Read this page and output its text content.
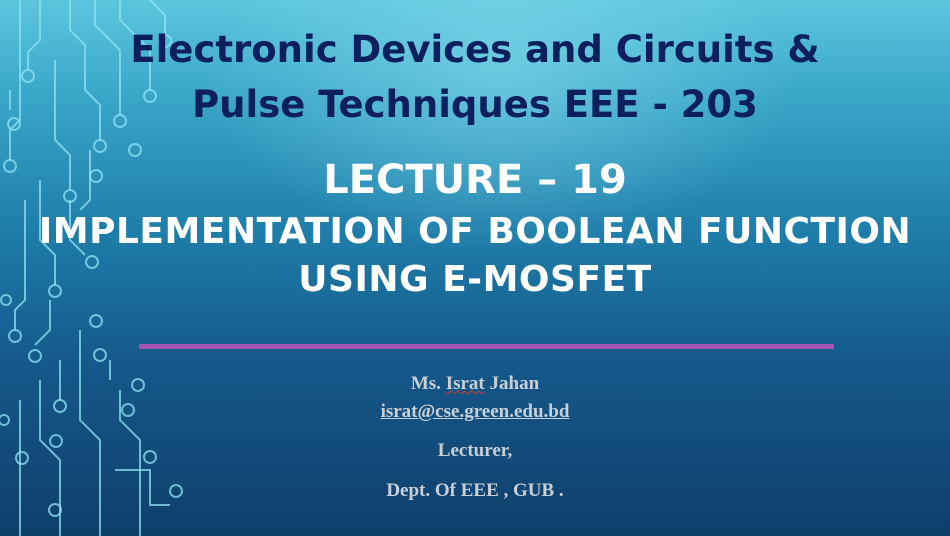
Electronic Devices and Circuits &
Pulse Techniques EEE - 203
LECTURE – 19
IMPLEMENTATION OF BOOLEAN FUNCTION
USING E-MOSFET

Ms. Israt Jahan

israt@cse.green.edu.bd

Lecturer,

Dept. Of EEE , GUB .
